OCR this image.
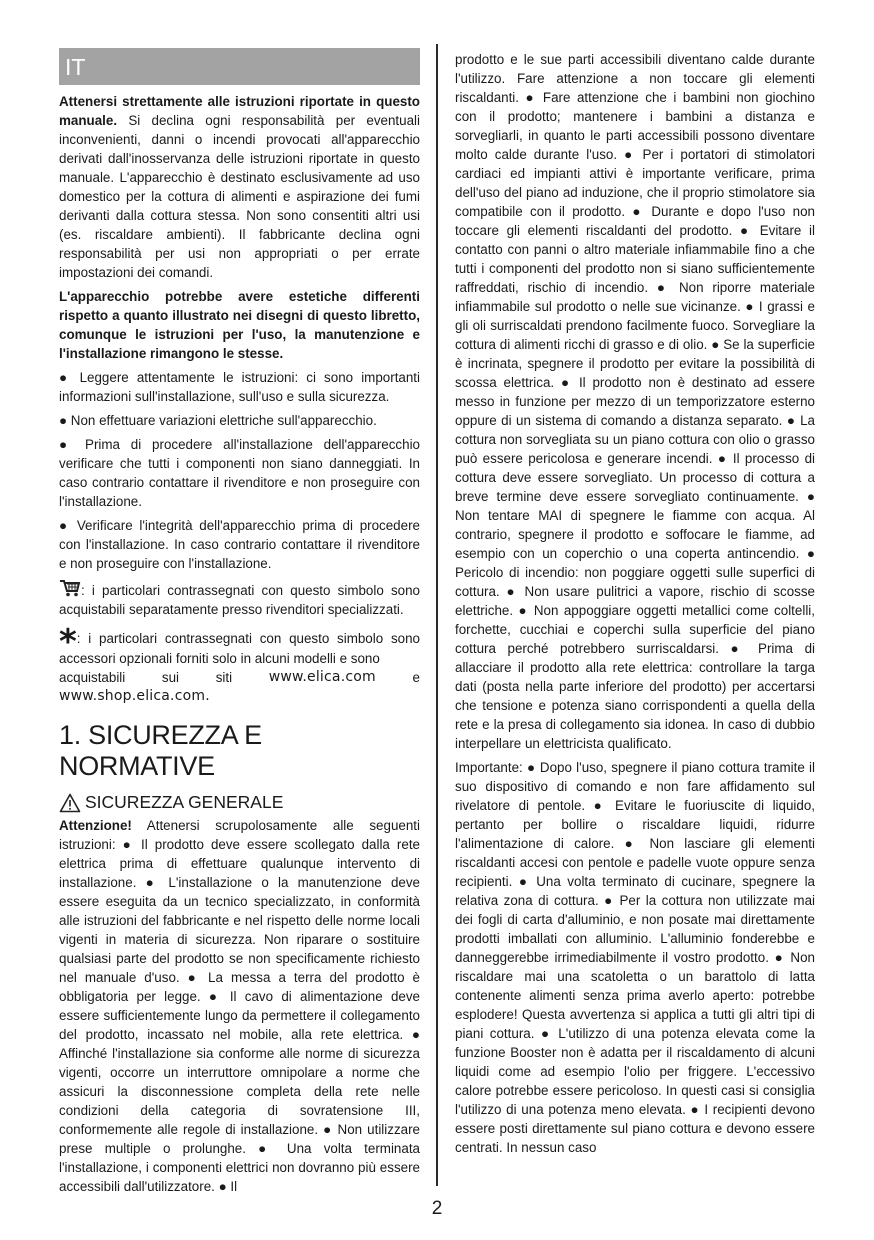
IT

Attenersi strettamente alle istruzioni riportate in questo manuale. Si declina ogni responsabilità per eventuali inconvenienti, danni o incendi provocati all'apparecchio derivati dall'inosservanza delle istruzioni riportate in questo manuale. L'apparecchio è destinato esclusivamente ad uso domestico per la cottura di alimenti e aspirazione dei fumi derivanti dalla cottura stessa. Non sono consentiti altri usi (es. riscaldare ambienti). Il fabbricante declina ogni responsabilità per usi non appropriati o per errate impostazioni dei comandi.

L'apparecchio potrebbe avere estetiche differenti rispetto a quanto illustrato nei disegni di questo libretto, comunque le istruzioni per l'uso, la manutenzione e l'installazione rimangono le stesse.

● Leggere attentamente le istruzioni: ci sono importanti informazioni sull'installazione, sull'uso e sulla sicurezza.

● Non effettuare variazioni elettriche sull'apparecchio.

● Prima di procedere all'installazione dell'apparecchio verificare che tutti i componenti non siano danneggiati. In caso contrario contattare il rivenditore e non proseguire con l'installazione.

● Verificare l'integrità dell'apparecchio prima di procedere con l'installazione. In caso contrario contattare il rivenditore e non proseguire con l'installazione.

: i particolari contrassegnati con questo simbolo sono acquistabili separatamente presso rivenditori specializzati.

*: i particolari contrassegnati con questo simbolo sono accessori opzionali forniti solo in alcuni modelli e sono

acquistabili	sui	siti	www.elica.com	e
www.shop.elica.com.
1. SICUREZZA E NORMATIVE
SICUREZZA GENERALE

Attenzione! Attenersi scrupolosamente alle seguenti istruzioni: ● Il prodotto deve essere scollegato dalla rete elettrica prima di effettuare qualunque intervento di installazione. ● L'installazione o la manutenzione deve essere eseguita da un tecnico specializzato, in conformità alle istruzioni del fabbricante e nel rispetto delle norme locali vigenti in materia di sicurezza. Non riparare o sostituire qualsiasi parte del prodotto se non specificamente richiesto nel manuale d'uso. ● La messa a terra del prodotto è obbligatoria per legge. ● Il cavo di alimentazione deve essere sufficientemente lungo da permettere il collegamento del prodotto, incassato nel mobile, alla rete elettrica. ● Affinché l'installazione sia conforme alle norme di sicurezza vigenti, occorre un interruttore omnipolare a norme che assicuri la disconnessione completa della rete nelle condizioni della categoria di sovratensione III, conformemente alle regole di installazione. ● Non utilizzare prese multiple o prolunghe. ● Una volta terminata l'installazione, i componenti elettrici non dovranno più essere accessibili dall'utilizzatore. ● Il

prodotto e le sue parti accessibili diventano calde durante l'utilizzo. Fare attenzione a non toccare gli elementi riscaldanti. ● Fare attenzione che i bambini non giochino con il prodotto; mantenere i bambini a distanza e sorvegliarli, in quanto le parti accessibili possono diventare molto calde durante l'uso. ● Per i portatori di stimolatori cardiaci ed impianti attivi è importante verificare, prima dell'uso del piano ad induzione, che il proprio stimolatore sia compatibile con il prodotto. ● Durante e dopo l'uso non toccare gli elementi riscaldanti del prodotto. ● Evitare il contatto con panni o altro materiale infiammabile fino a che tutti i componenti del prodotto non si siano sufficientemente raffreddati, rischio di incendio. ● Non riporre materiale infiammabile sul prodotto o nelle sue vicinanze. ● I grassi e gli oli surriscaldati prendono facilmente fuoco. Sorvegliare la cottura di alimenti ricchi di grasso e di olio. ● Se la superficie è incrinata, spegnere il prodotto per evitare la possibilità di scossa elettrica. ● Il prodotto non è destinato ad essere messo in funzione per mezzo di un temporizzatore esterno oppure di un sistema di comando a distanza separato. ● La cottura non sorvegliata su un piano cottura con olio o grasso può essere pericolosa e generare incendi. ● Il processo di cottura deve essere sorvegliato. Un processo di cottura a breve termine deve essere sorvegliato continuamente. ● Non tentare MAI di spegnere le fiamme con acqua. Al contrario, spegnere il prodotto e soffocare le fiamme, ad esempio con un coperchio o una coperta antincendio. ● Pericolo di incendio: non poggiare oggetti sulle superfici di cottura. ● Non usare pulitrici a vapore, rischio di scosse elettriche. ● Non appoggiare oggetti metallici come coltelli, forchette, cucchiai e coperchi sulla superficie del piano cottura perché potrebbero surriscaldarsi. ● Prima di allacciare il prodotto alla rete elettrica: controllare la targa dati (posta nella parte inferiore del prodotto) per accertarsi che tensione e potenza siano corrispondenti a quella della rete e la presa di collegamento sia idonea. In caso di dubbio interpellare un elettricista qualificato.

Importante: ● Dopo l'uso, spegnere il piano cottura tramite il suo dispositivo di comando e non fare affidamento sul rivelatore di pentole. ● Evitare le fuoriuscite di liquido, pertanto per bollire o riscaldare liquidi, ridurre l'alimentazione di calore. ● Non lasciare gli elementi riscaldanti accesi con pentole e padelle vuote oppure senza recipienti. ● Una volta terminato di cucinare, spegnere la relativa zona di cottura. ● Per la cottura non utilizzate mai dei fogli di carta d'alluminio, e non posate mai direttamente prodotti imballati con alluminio. L'alluminio fonderebbe e danneggerebbe irrimediabilmente il vostro prodotto. ● Non riscaldare mai una scatoletta o un barattolo di latta contenente alimenti senza prima averlo aperto: potrebbe esplodere! Questa avvertenza si applica a tutti gli altri tipi di piani cottura. ● L'utilizzo di una potenza elevata come la funzione Booster non è adatta per il riscaldamento di alcuni liquidi come ad esempio l'olio per friggere. L'eccessivo calore potrebbe essere pericoloso. In questi casi si consiglia l'utilizzo di una potenza meno elevata. ● I recipienti devono essere posti direttamente sul piano cottura e devono essere centrati. In nessun caso

2
